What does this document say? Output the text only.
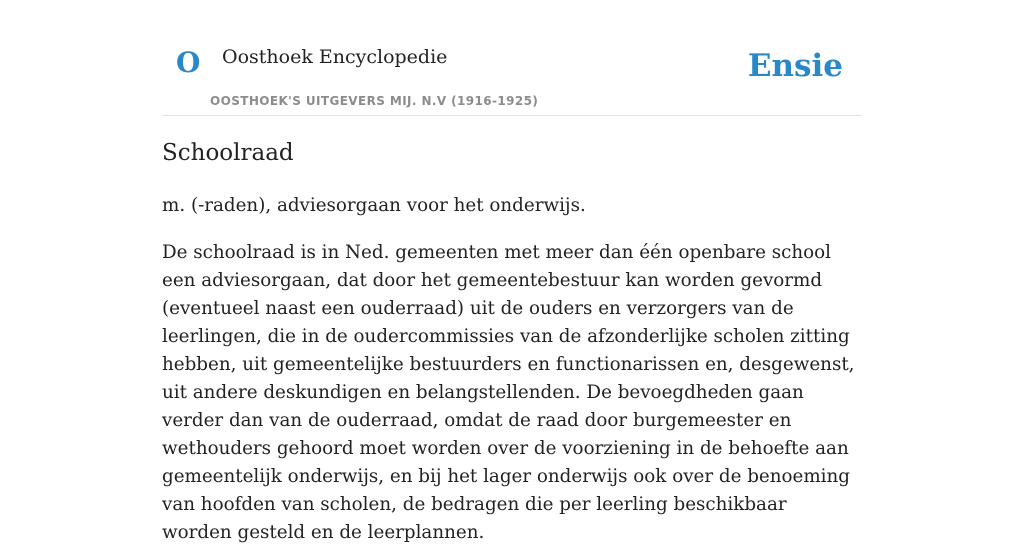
O Oosthoek Encyclopedie
OOSTHOEK'S UITGEVERS MIJ. N.V (1916-1925)
Ensie
Schoolraad

m. (-raden), adviesorgaan voor het onderwijs.

De schoolraad is in Ned. gemeenten met meer dan één openbare school een adviesorgaan, dat door het gemeentebestuur kan worden gevormd (eventueel naast een ouderraad) uit de ouders en verzorgers van de leerlingen, die in de oudercommissies van de afzonderlijke scholen zitting hebben, uit gemeentelijke bestuurders en functionarissen en, desgewenst, uit andere deskundigen en belangstellenden. De bevoegdheden gaan verder dan van de ouderraad, omdat de raad door burgemeester en wethouders gehoord moet worden over de voorziening in de behoefte aan gemeentelijk onderwijs, en bij het lager onderwijs ook over de benoeming van hoofden van scholen, de bedragen die per leerling beschikbaar worden gesteld en de leerplannen.
